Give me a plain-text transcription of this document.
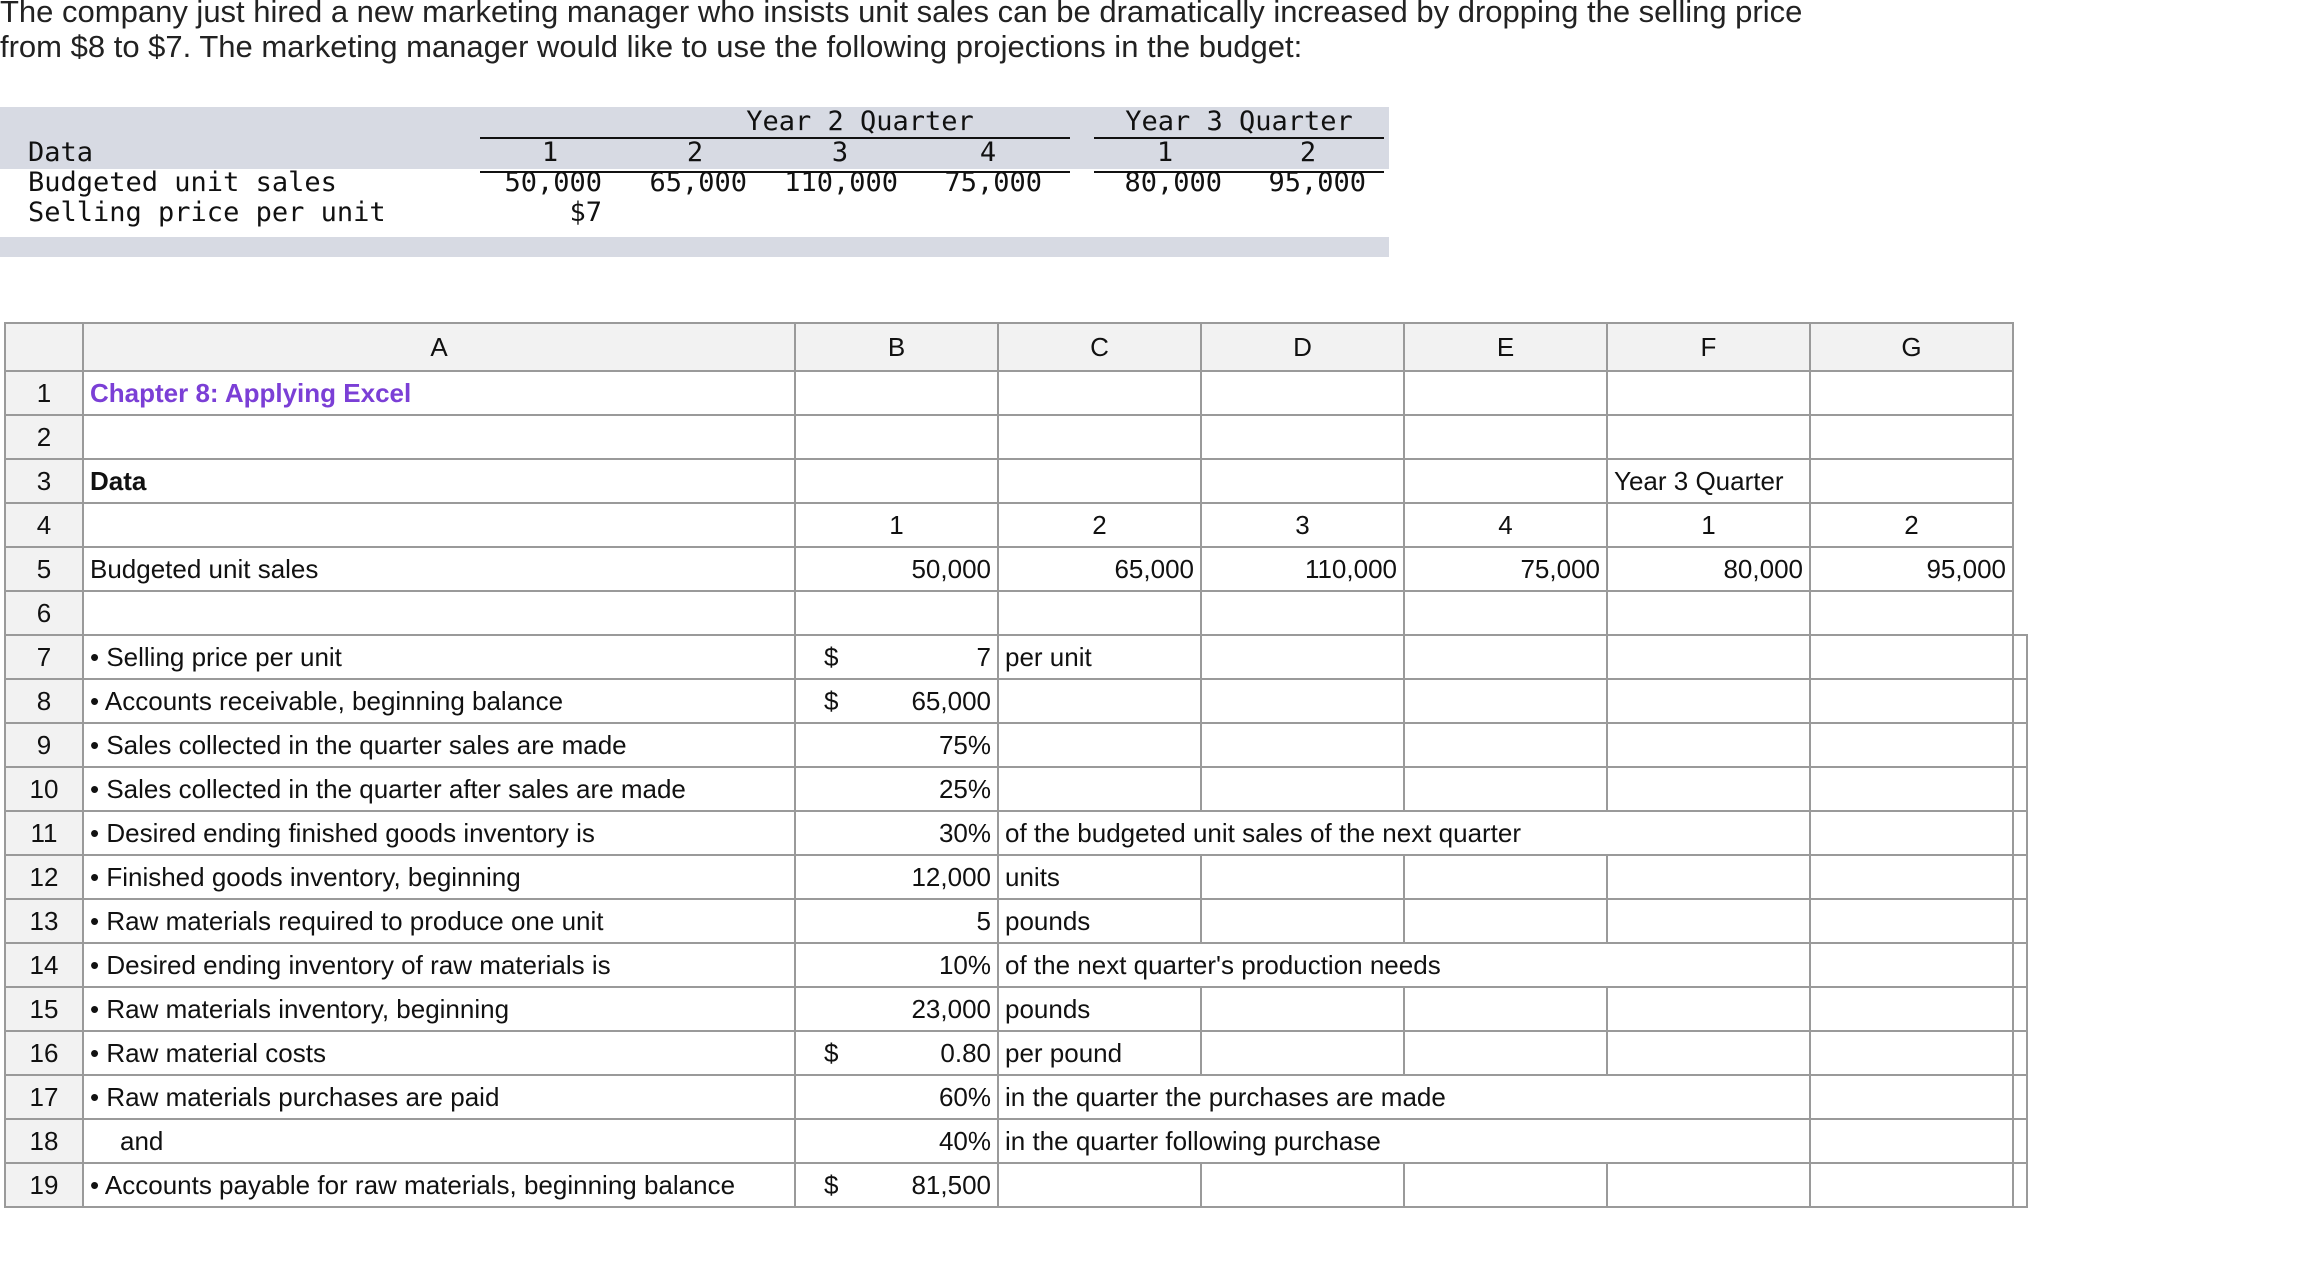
The company just hired a new marketing manager who insists unit sales can be dramatically increased by dropping the selling price
from $8 to $7. The marketing manager would like to use the following projections in the budget:
Year 2 Quarter	Year 3 Quarter
Data	1	2	3	4	1	2
Budgeted unit sales	50,000	65,000	110,000	75,000	80,000	95,000
Selling price per unit	$7
	A	B	C	D	E	F	G	
1	Chapter 8: Applying Excel							
2								
3	Data					Year 3 Quarter		
4		1	2	3	4	1	2	
5	Budgeted unit sales	50,000	65,000	110,000	75,000	80,000	95,000	
6								
7	• Selling price per unit	$ 7	per unit					
8	• Accounts receivable, beginning balance	$ 65,000						

9	• Sales collected in the quarter sales are made	75%						

10	• Sales collected in the quarter after sales are made	25%						

11	• Desired ending finished goods inventory is	30%	of the budgeted unit sales of the next quarter					
12	• Finished goods inventory, beginning	12,000	units					
13	• Raw materials required to produce one unit	5	pounds					
14	• Desired ending inventory of raw materials is	10%	of the next quarter's production needs					
15	• Raw materials inventory, beginning	23,000	pounds					
16	• Raw material costs	$ 0.80	per pound					
17	• Raw materials purchases are paid	60%	in the quarter the purchases are made					
18	and	40%	in the quarter following purchase					
19	• Accounts payable for raw materials, beginning balance	$ 81,500						
